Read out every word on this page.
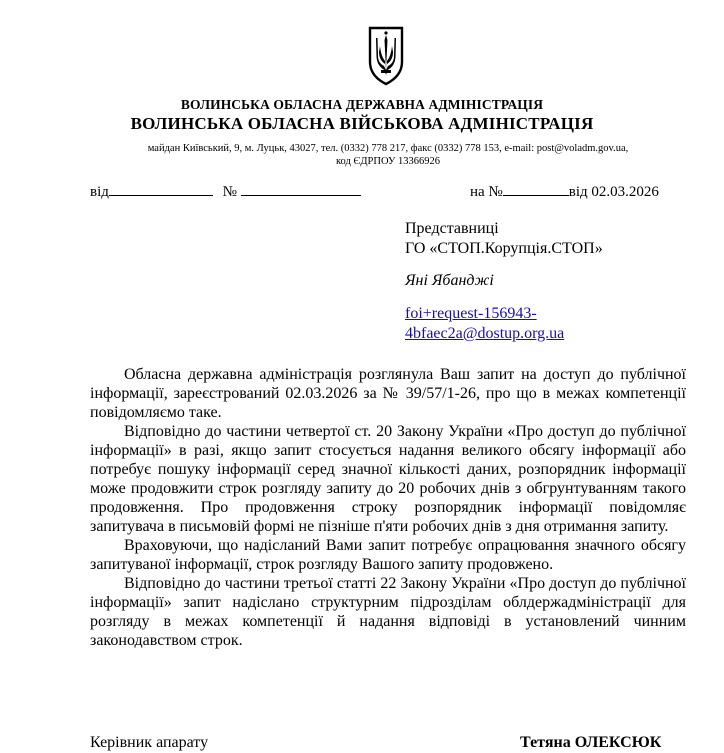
ВОЛИНСЬКА ОБЛАСНА ДЕРЖАВНА АДМІНІСТРАЦІЯ
ВОЛИНСЬКА ОБЛАСНА ВІЙСЬКОВА АДМІНІСТРАЦІЯ
майдан Київський, 9, м. Луцьк, 43027, тел. (0332) 778 217, факс (0332) 778 153, e-mail: post@voladm.gov.ua,
код ЄДРПОУ 13366926
від	№	на №	від 02.03.2026
Представниці
ГО «СТОП.Корупція.СТОП»
Яні Ябанджі
foi+request-156943-
4bfaec2a@dostup.org.ua

Обласна державна адміністрація розглянула Ваш запит на доступ до публічної інформації, зареєстрований 02.03.2026 за № 39/57/1-26, про що в межах компетенції повідомляємо таке.

Відповідно до частини четвертої ст. 20 Закону України «Про доступ до публічної інформації» в разі, якщо запит стосується надання великого обсягу інформації або потребує пошуку інформації серед значної кількості даних, розпорядник інформації може продовжити строк розгляду запиту до 20 робочих днів з обгрунтуванням такого продовження. Про продовження строку розпорядник інформації повідомляє запитувача в письмовій формі не пізніше п'яти робочих днів з дня отримання запиту.

Враховуючи, що надісланий Вами запит потребує опрацювання значного обсягу запитуваної інформації, строк розгляду Вашого запиту продовжено.

Відповідно до частини третьої статті 22 Закону України «Про доступ до публічної інформації» запит надісланo структурним підрозділам облдержадміністрації для розгляду в межах компетенції й надання відповіді в установлений чинним законодавством строк.

Керівник апарату	Тетяна ОЛЕКСЮК
